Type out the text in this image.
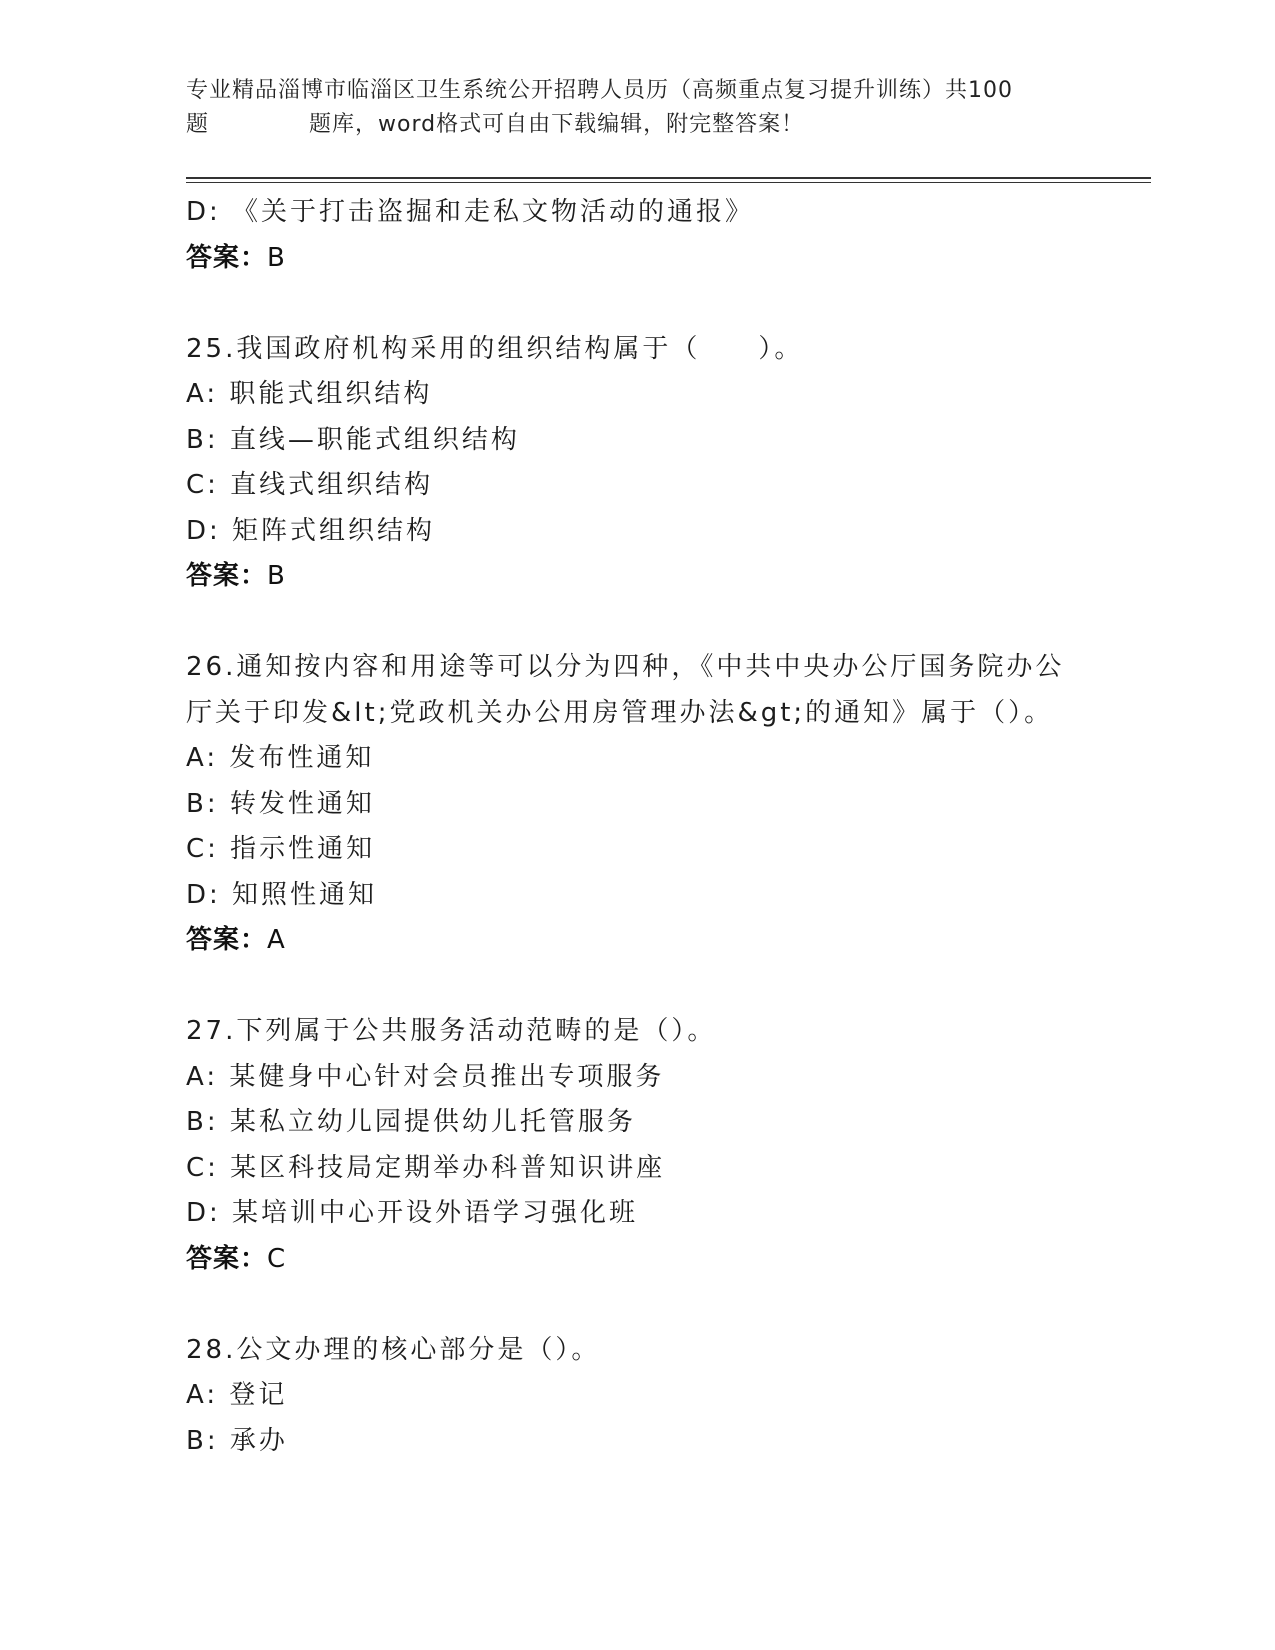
专业精品淄博市临淄区卫生系统公开招聘人员历（高频重点复习提升训练）共100
题	题库，word格式可自由下载编辑，附完整答案！
D: 《关于打击盗掘和走私文物活动的通报》
答案：B
25.我国政府机构采用的组织结构属于（　　）。
A: 职能式组织结构
B: 直线—职能式组织结构
C: 直线式组织结构
D: 矩阵式组织结构
答案：B
26.通知按内容和用途等可以分为四种，《中共中央办公厅国务院办公
厅关于印发&lt;党政机关办公用房管理办法&gt;的通知》属于（）。
A: 发布性通知
B: 转发性通知
C: 指示性通知
D: 知照性通知
答案：A
27.下列属于公共服务活动范畴的是（）。
A: 某健身中心针对会员推出专项服务
B: 某私立幼儿园提供幼儿托管服务
C: 某区科技局定期举办科普知识讲座
D: 某培训中心开设外语学习强化班
答案：C
28.公文办理的核心部分是（）。
A: 登记
B: 承办
